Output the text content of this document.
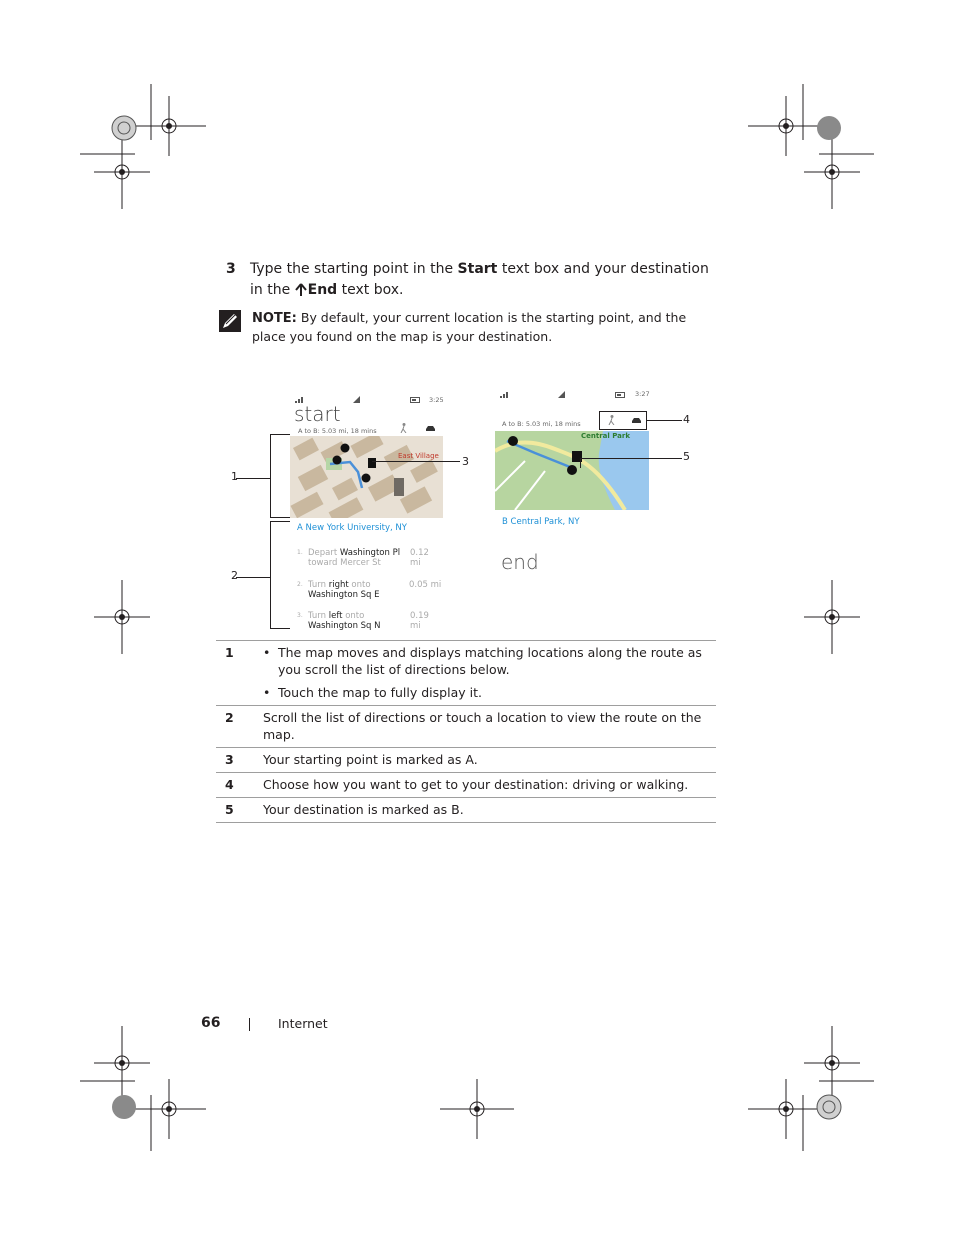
3 Type the starting point in the Start text box and your destination in the End text box.
NOTE: By default, your current location is the starting point, and the place you found on the map is your destination.
3:25
start
A to B: 5.03 mi, 18 mins
East Village
A New York University, NY
1. Depart Washington Pl
toward Mercer St
0.12 mi
2. Turn right onto
Washington Sq E
0.05 mi
3. Turn left onto
Washington Sq N
0.19 mi
3:27
A to B: 5.03 mi, 18 mins
Central Park
B Central Park, NY
end
1
2
3
4
5
1	• The map moves and displays matching locations along the route as you scroll the list of directions below.
• Touch the map to fully display it.

2	Scroll the list of directions or touch a location to view the route on the map.
3	Your starting point is marked as A.
4	Choose how you want to get to your destination: driving or walking.
5	Your destination is marked as B.
66	Internet
